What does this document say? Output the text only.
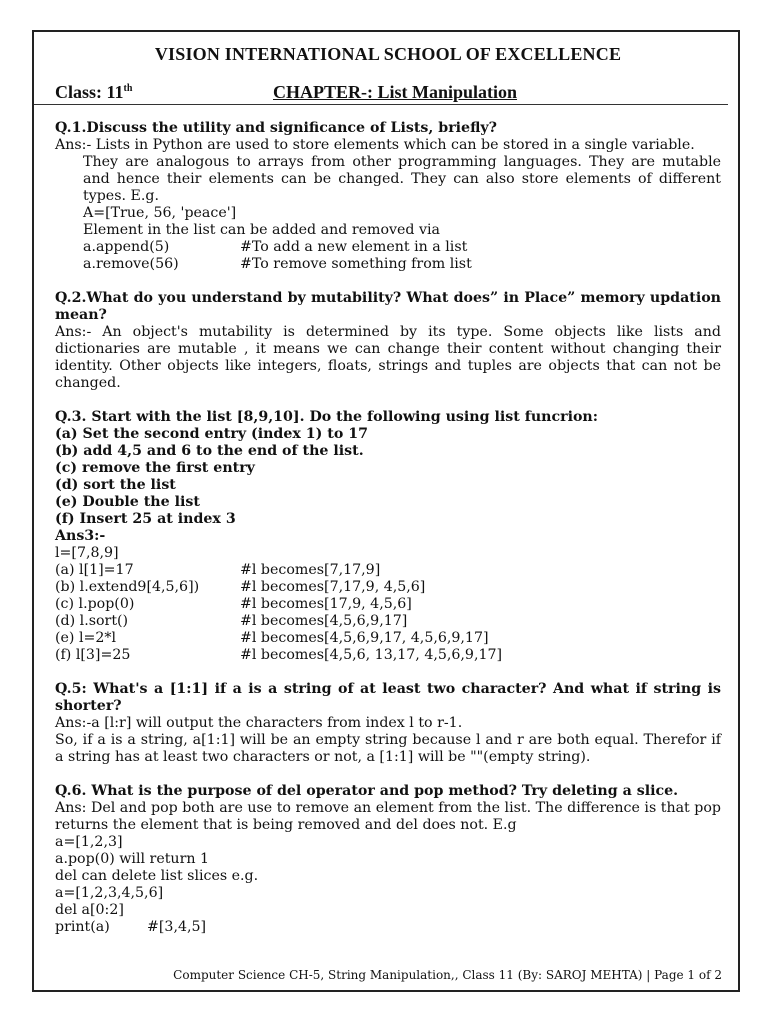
VISION INTERNATIONAL SCHOOL OF EXCELLENCE
Class: 11th	CHAPTER-: List Manipulation
Q.1.Discuss the utility and significance of Lists, briefly?
Ans:- Lists in Python are used to store elements which can be stored in a single variable.
They are analogous to arrays from other programming languages. They are mutable and hence their elements can be changed. They can also store elements of different types. E.g.
A=[True, 56, 'peace']
Element in the list can be added and removed via
a.append(5)	#To add a new element in a list
a.remove(56)	#To remove something from list
Q.2.What do you understand by mutability? What does” in Place” memory updation mean?
Ans:- An object's mutability is determined by its type. Some objects like lists and dictionaries are mutable , it means we can change their content without changing their identity. Other objects like integers, floats, strings and tuples are objects that can not be changed.
Q.3. Start with the list [8,9,10]. Do the following using list funcrion:
(a) Set the second entry (index 1) to 17
(b) add 4,5 and 6 to the end of the list.
(c) remove the first entry
(d) sort the list
(e) Double the list
(f) Insert 25 at index 3
Ans3:-
l=[7,8,9]
(a) l[1]=17	#l becomes[7,17,9]
(b) l.extend9[4,5,6])	#l becomes[7,17,9, 4,5,6]
(c) l.pop(0)	#l becomes[17,9, 4,5,6]
(d) l.sort()	#l becomes[4,5,6,9,17]
(e) l=2*l	#l becomes[4,5,6,9,17, 4,5,6,9,17]
(f) l[3]=25	#l becomes[4,5,6, 13,17, 4,5,6,9,17]
Q.5: What's a [1:1] if a is a string of at least two character? And what if string is shorter?
Ans:-a [l:r] will output the characters from index l to r-1.
So, if a is a string, a[1:1] will be an empty string because l and r are both equal. Therefor if a string has at least two characters or not, a [1:1] will be ""(empty string).
Q.6. What is the purpose of del operator and pop method? Try deleting a slice.
Ans: Del and pop both are use to remove an element from the list. The difference is that pop returns the element that is being removed and del does not. E.g
a=[1,2,3]
a.pop(0) will return 1
del can delete list slices e.g.
a=[1,2,3,4,5,6]
del a[0:2]
print(a)	#[3,4,5]
Computer Science CH-5, String Manipulation,, Class 11 (By: SAROJ MEHTA) | Page 1 of 2
